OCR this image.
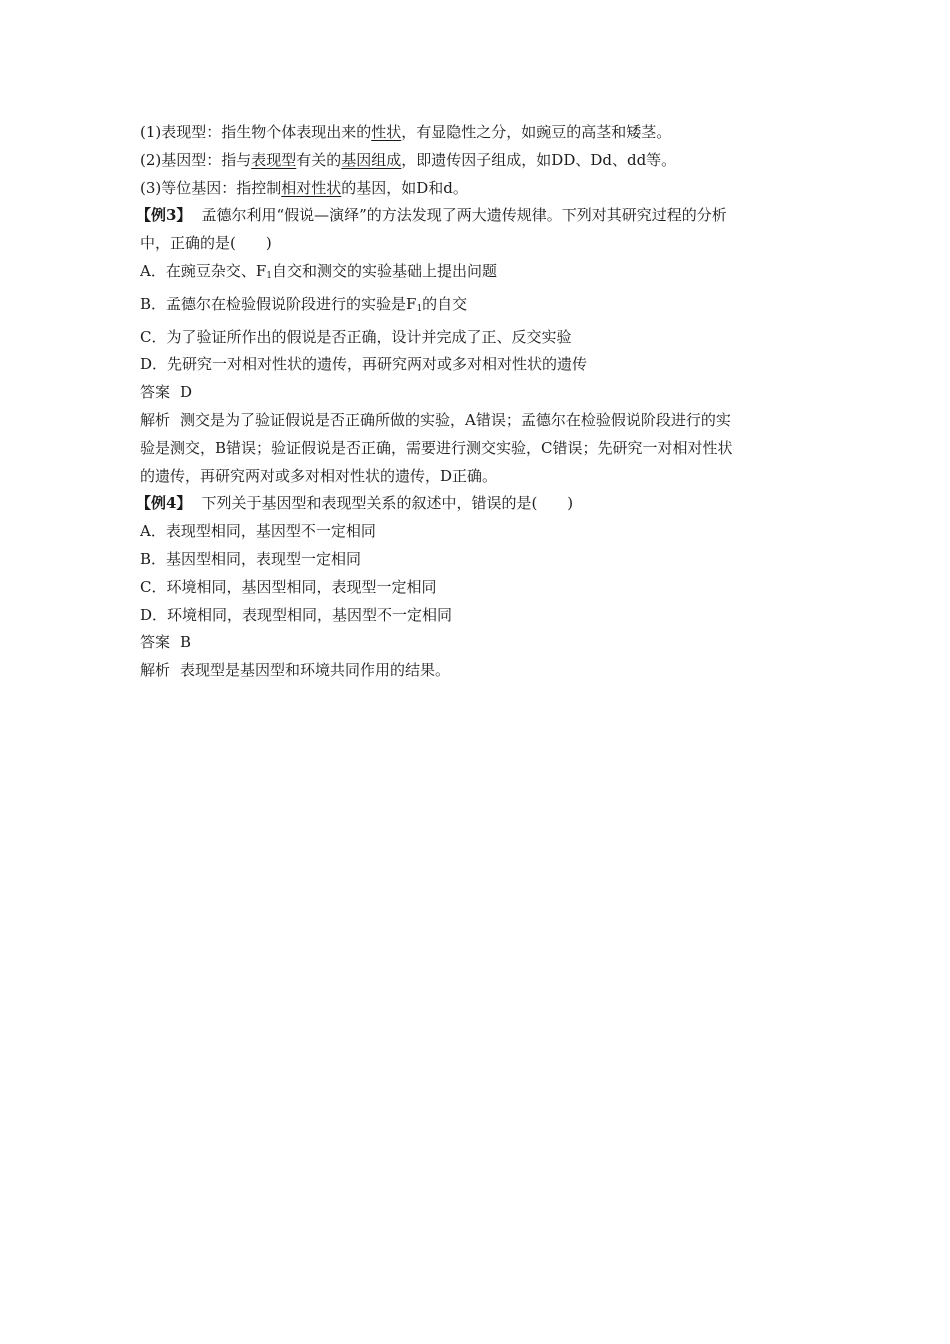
(1)表现型：指生物个体表现出来的性状，有显隐性之分，如豌豆的高茎和矮茎。
(2)基因型：指与表现型有关的基因组成，即遗传因子组成，如DD、Dd、dd等。
(3)等位基因：指控制相对性状的基因，如D和d。
【例3】 孟德尔利用“假说—演绎”的方法发现了两大遗传规律。下列对其研究过程的分析
中，正确的是(　　)
A．在豌豆杂交、$F_1$自交和测交的实验基础上提出问题
B．孟德尔在检验假说阶段进行的实验是$F_1$的自交
C．为了验证所作出的假说是否正确，设计并完成了正、反交实验
D．先研究一对相对性状的遗传，再研究两对或多对相对性状的遗传
答案 D
解析 测交是为了验证假说是否正确所做的实验，A错误；孟德尔在检验假说阶段进行的实
验是测交，B错误；验证假说是否正确，需要进行测交实验，C错误；先研究一对相对性状
的遗传，再研究两对或多对相对性状的遗传，D正确。
【例4】 下列关于基因型和表现型关系的叙述中，错误的是(　　)
A．表现型相同，基因型不一定相同
B．基因型相同，表现型一定相同
C．环境相同，基因型相同，表现型一定相同
D．环境相同，表现型相同，基因型不一定相同
答案 B
解析 表现型是基因型和环境共同作用的结果。
